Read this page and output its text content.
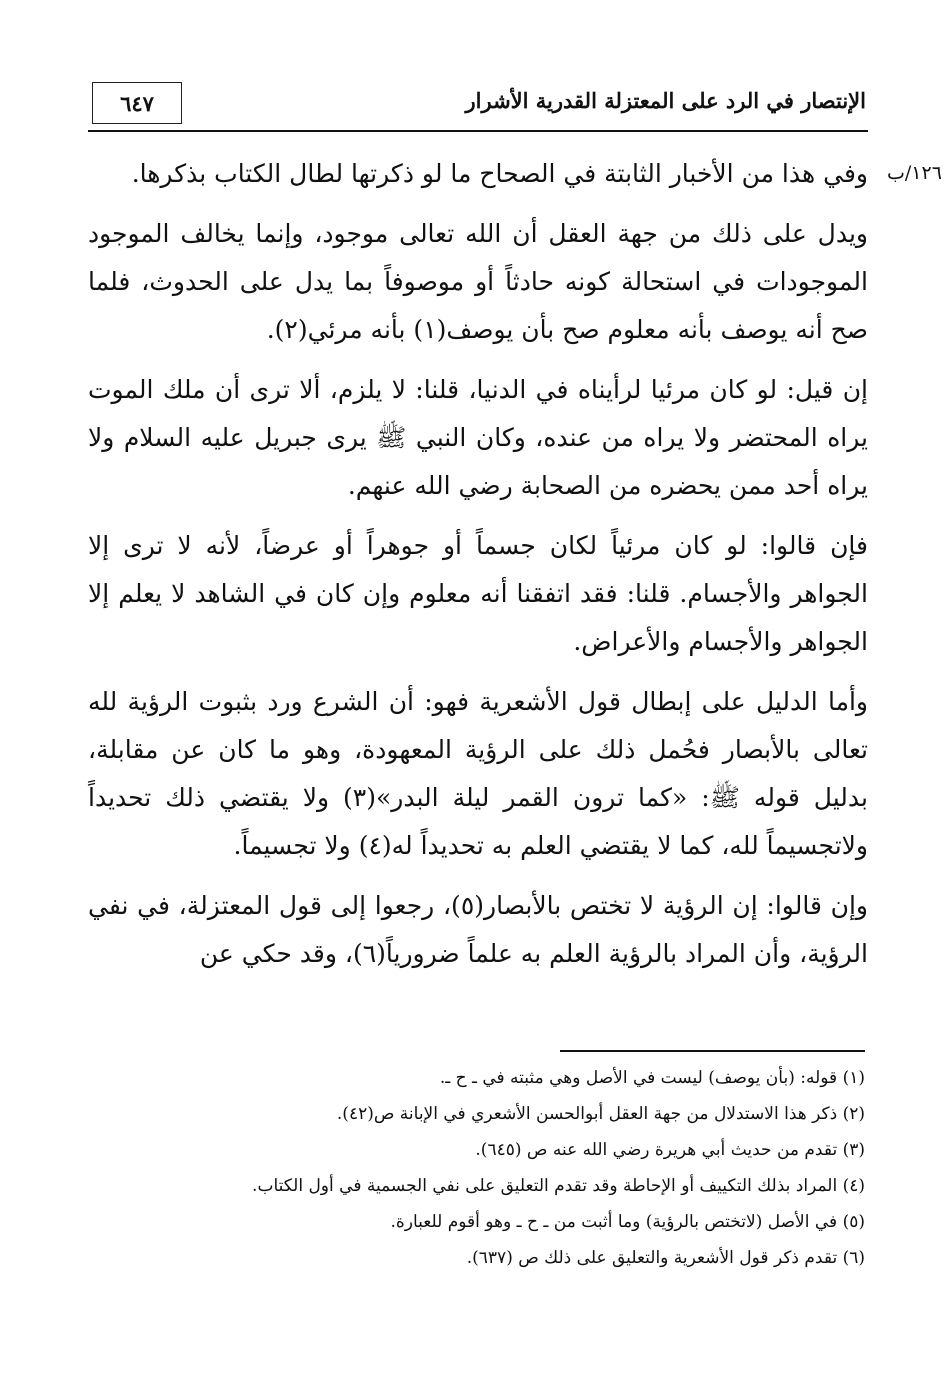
٦٤٧	الإنتصار في الرد على المعتزلة القدرية الأشرار
١٢٦/ب

وفي هذا من الأخبار الثابتة في الصحاح ما لو ذكرتها لطال الكتاب بذكرها.

ويدل على ذلك من جهة العقل أن الله تعالى موجود، وإنما يخالف الموجود الموجودات في استحالة كونه حادثاً أو موصوفاً بما يدل على الحدوث، فلما صح أنه يوصف بأنه معلوم صح بأن يوصف(١) بأنه مرئي(٢).

إن قيل: لو كان مرئيا لرأيناه في الدنيا، قلنا: لا يلزم، ألا ترى أن ملك الموت يراه المحتضر ولا يراه من عنده، وكان النبي ﷺ يرى جبريل عليه السلام ولا يراه أحد ممن يحضره من الصحابة رضي الله عنهم.

فإن قالوا: لو كان مرئياً لكان جسماً أو جوهراً أو عرضاً، لأنه لا ترى إلا الجواهر والأجسام. قلنا: فقد اتفقنا أنه معلوم وإن كان في الشاهد لا يعلم إلا الجواهر والأجسام والأعراض.

وأما الدليل على إبطال قول الأشعرية فهو: أن الشرع ورد بثبوت الرؤية لله تعالى بالأبصار فحُمل ذلك على الرؤية المعهودة، وهو ما كان عن مقابلة، بدليل قوله ﷺ: «كما ترون القمر ليلة البدر»(٣) ولا يقتضي ذلك تحديداً ولاتجسيماً لله، كما لا يقتضي العلم به تحديداً له(٤) ولا تجسيماً.

وإن قالوا: إن الرؤية لا تختص بالأبصار(٥)، رجعوا إلى قول المعتزلة، في نفي الرؤية، وأن المراد بالرؤية العلم به علماً ضرورياً(٦)، وقد حكي عن

(١) قوله: (بأن يوصف) ليست في الأصل وهي مثبته في ـ ح ـ.
(٢) ذكر هذا الاستدلال من جهة العقل أبوالحسن الأشعري في الإبانة ص(٤٢).
(٣) تقدم من حديث أبي هريرة رضي الله عنه ص (٦٤٥).
(٤) المراد بذلك التكييف أو الإحاطة وقد تقدم التعليق على نفي الجسمية في أول الكتاب.
(٥) في الأصل (لاتختص بالرؤية) وما أثبت من ـ ح ـ وهو أقوم للعبارة.
(٦) تقدم ذكر قول الأشعرية والتعليق على ذلك ص (٦٣٧).
